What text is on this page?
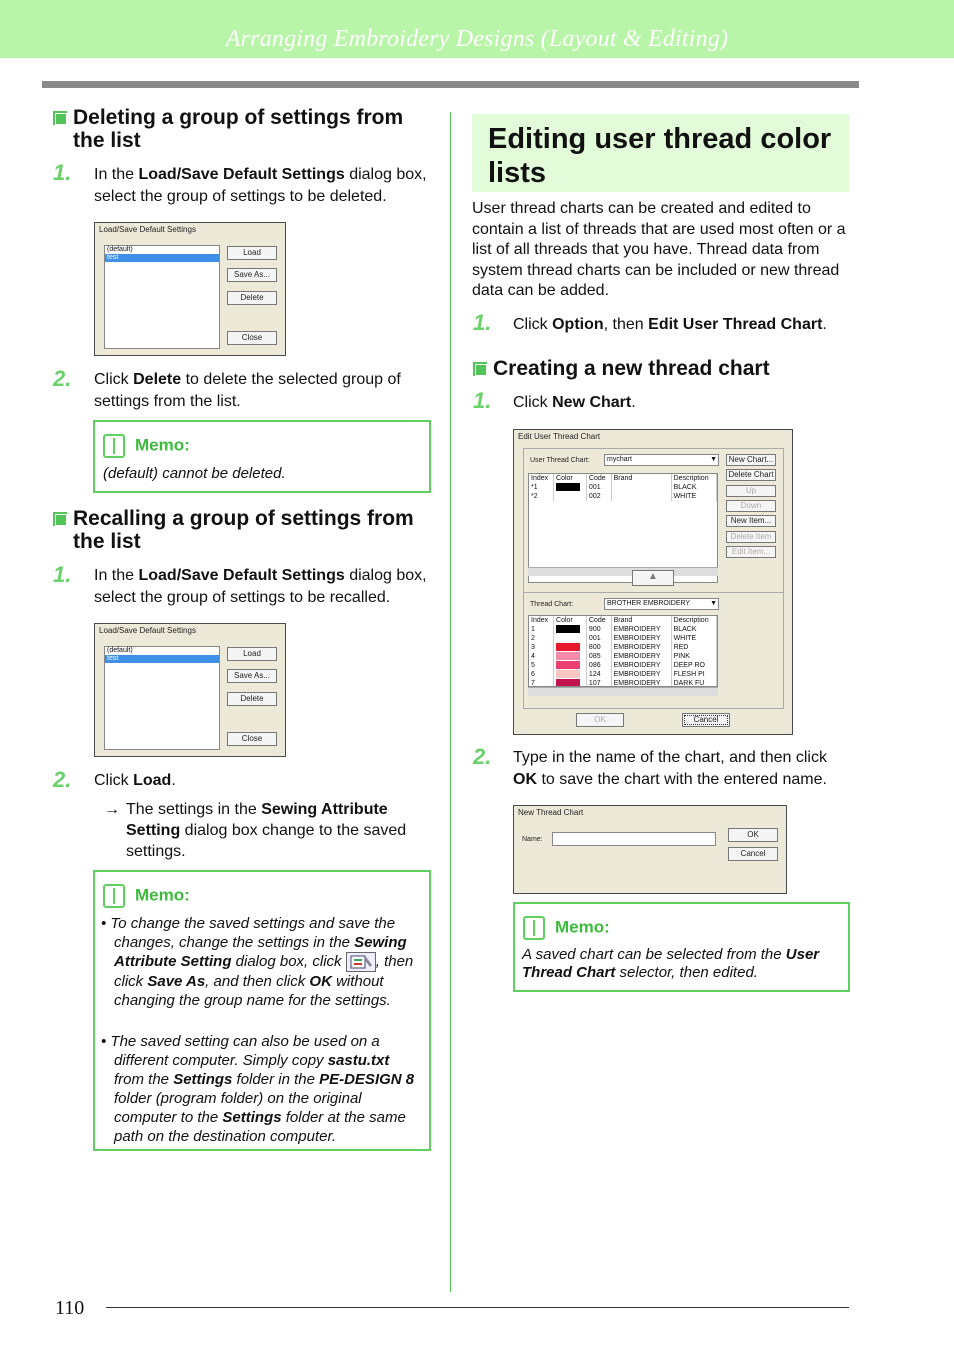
Arranging Embroidery Designs (Layout & Editing)
Deleting a group of settings from the list
1. In the Load/Save Default Settings dialog box, select the group of settings to be deleted.
Load/Save Default Settings
(default)
test
Load
Save As...
Delete
Close
2. Click Delete to delete the selected group of settings from the list.
Memo:
(default) cannot be deleted.
Recalling a group of settings from the list
1. In the Load/Save Default Settings dialog box, select the group of settings to be recalled.
Load/Save Default Settings
(default)
test
Load
Save As...
Delete
Close
2. Click Load.
→ The settings in the Sewing Attribute Setting dialog box change to the saved settings.
Memo:
• To change the saved settings and save the changes, change the settings in the Sewing Attribute Setting dialog box, click , then click Save As, and then click OK without changing the group name for the settings.
• The saved setting can also be used on a different computer. Simply copy sastu.txt from the Settings folder in the PE-DESIGN 8 folder (program folder) on the original computer to the Settings folder at the same path on the destination computer.
Editing user thread color lists
User thread charts can be created and edited to contain a list of threads that are used most often or a list of all threads that you have. Thread data from system thread charts can be included or new thread data can be added.
1. Click Option, then Edit User Thread Chart.
Creating a new thread chart
1. Click New Chart.
Edit User Thread Chart
User Thread Chart:	mychart	▼
Index	Color	Code	Brand	Description
*1		001		BLACK
*2		002		WHITE
New Chart...
Delete Chart
Up
Down
New Item...
Delete Item
Edit Item...
▲
Thread Chart:	BROTHER EMBROIDERY	▼
Index	Color	Code	Brand	Description
1		900	EMBROIDERY	BLACK
2		001	EMBROIDERY	WHITE
3		800	EMBROIDERY	RED
4		085	EMBROIDERY	PINK
5		086	EMBROIDERY	DEEP RO
6		124	EMBROIDERY	FLESH PI
7		107	EMBROIDERY	DARK FU
OK	Cancel
2. Type in the name of the chart, and then click OK to save the chart with the entered name.
New Thread Chart
Name:
OK
Cancel
Memo:
A saved chart can be selected from the User Thread Chart selector, then edited.
110
